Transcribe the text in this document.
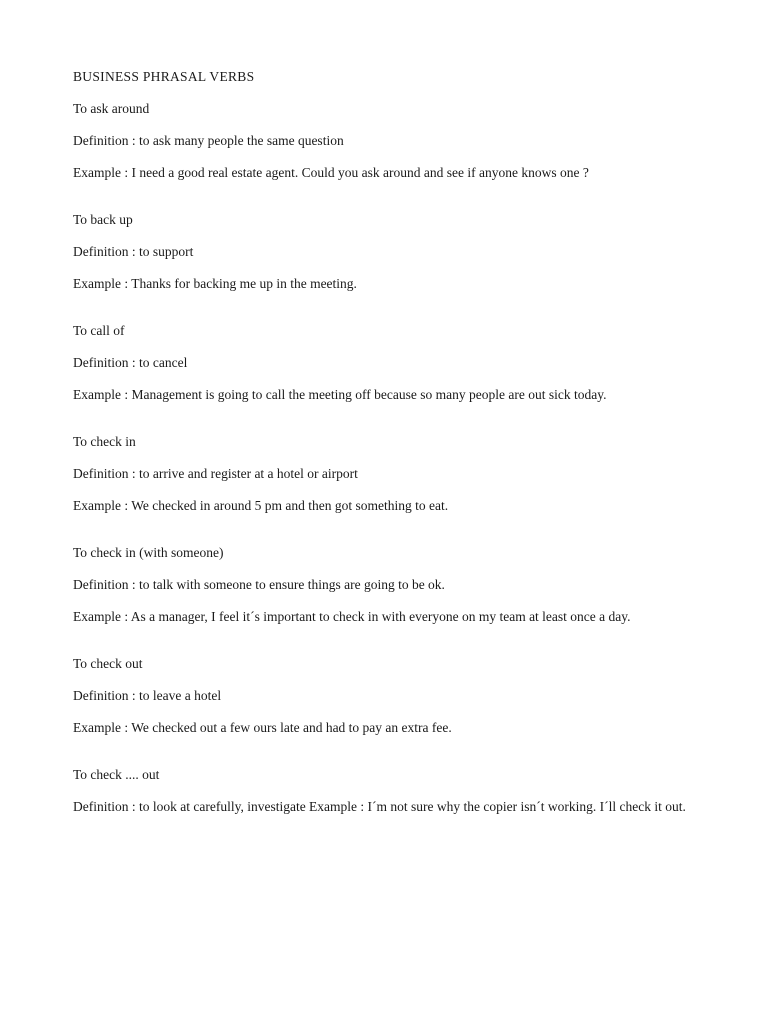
BUSINESS PHRASAL VERBS
To ask around
Definition : to ask many people the same question
Example : I need a good real estate agent. Could you ask around and see if anyone knows one ?
To back up
Definition : to support
Example : Thanks for backing me up in the meeting.
To call of
Definition : to cancel
Example : Management is going to call the meeting off because so many people are out sick today.
To check in
Definition : to arrive and register at a hotel or airport
Example : We checked in around 5 pm and then got something to eat.
To check in (with someone)
Definition : to talk with someone to ensure things are going to be ok.
Example : As a manager, I feel it´s important to check in with everyone on my team at least once a day.
To check out
Definition : to leave a hotel
Example : We checked out a few ours late and had to pay an extra fee.
To check .... out
Definition : to look at carefully, investigate Example : I´m not sure why the copier isn´t working. I´ll check it out.
